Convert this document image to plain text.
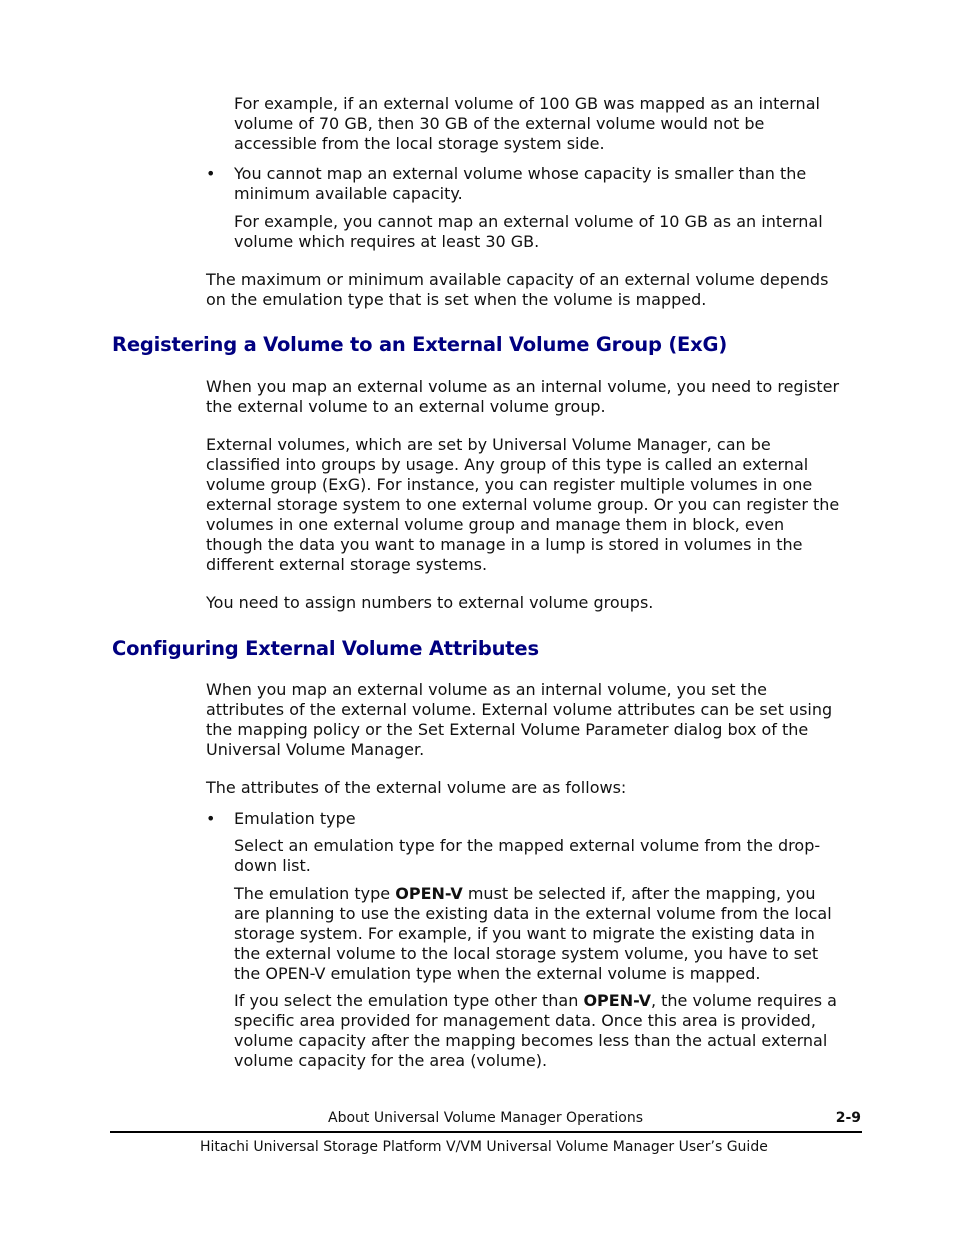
For example, if an external volume of 100 GB was mapped as an internal

volume of 70 GB, then 30 GB of the external volume would not be

accessible from the local storage system side.

• You cannot map an external volume whose capacity is smaller than the

minimum available capacity.

For example, you cannot map an external volume of 10 GB as an internal

volume which requires at least 30 GB.

The maximum or minimum available capacity of an external volume depends

on the emulation type that is set when the volume is mapped.

Registering a Volume to an External Volume Group (ExG)

When you map an external volume as an internal volume, you need to register

the external volume to an external volume group.

External volumes, which are set by Universal Volume Manager, can be

classified into groups by usage. Any group of this type is called an external

volume group (ExG). For instance, you can register multiple volumes in one

external storage system to one external volume group. Or you can register the

volumes in one external volume group and manage them in block, even

though the data you want to manage in a lump is stored in volumes in the

different external storage systems.

You need to assign numbers to external volume groups.

Configuring External Volume Attributes

When you map an external volume as an internal volume, you set the

attributes of the external volume. External volume attributes can be set using

the mapping policy or the Set External Volume Parameter dialog box of the

Universal Volume Manager.

The attributes of the external volume are as follows:

• Emulation type

Select an emulation type for the mapped external volume from the drop-

down list.

The emulation type OPEN-V must be selected if, after the mapping, you

are planning to use the existing data in the external volume from the local

storage system. For example, if you want to migrate the existing data in

the external volume to the local storage system volume, you have to set

the OPEN-V emulation type when the external volume is mapped.

If you select the emulation type other than OPEN-V, the volume requires a

specific area provided for management data. Once this area is provided,

volume capacity after the mapping becomes less than the actual external

volume capacity for the area (volume).

About Universal Volume Manager Operations	2-9
Hitachi Universal Storage Platform V/VM Universal Volume Manager User’s Guide
